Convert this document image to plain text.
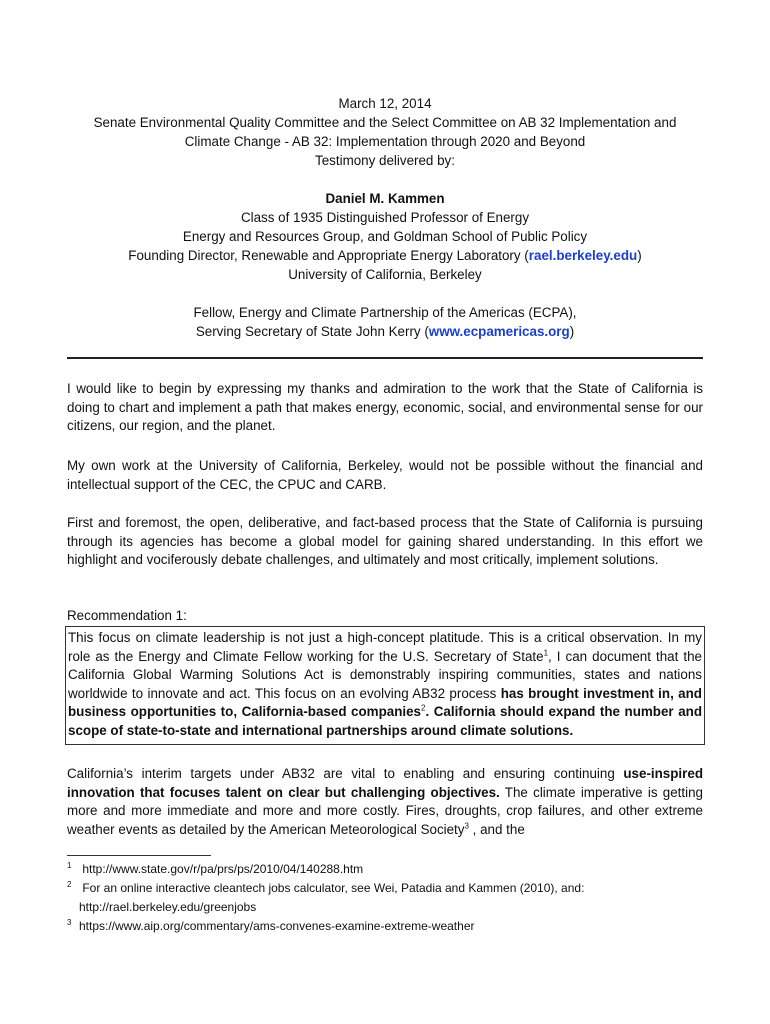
March 12, 2014
Senate Environmental Quality Committee and the Select Committee on AB 32 Implementation and
Climate Change - AB 32: Implementation through 2020 and Beyond
Testimony delivered by:
Daniel M. Kammen
Class of 1935 Distinguished Professor of Energy
Energy and Resources Group, and Goldman School of Public Policy
Founding Director, Renewable and Appropriate Energy Laboratory (rael.berkeley.edu)
University of California, Berkeley
Fellow, Energy and Climate Partnership of the Americas (ECPA),
Serving Secretary of State John Kerry (www.ecpamericas.org)
I would like to begin by expressing my thanks and admiration to the work that the State of California is doing to chart and implement a path that makes energy, economic, social, and environmental sense for our citizens, our region, and the planet.
My own work at the University of California, Berkeley, would not be possible without the financial and intellectual support of the CEC, the CPUC and CARB.
First and foremost, the open, deliberative, and fact-based process that the State of California is pursuing through its agencies has become a global model for gaining shared understanding. In this effort we highlight and vociferously debate challenges, and ultimately and most critically, implement solutions.
Recommendation 1:
This focus on climate leadership is not just a high-concept platitude. This is a critical observation. In my role as the Energy and Climate Fellow working for the U.S. Secretary of State$^1$, I can document that the California Global Warming Solutions Act is demonstrably inspiring communities, states and nations worldwide to innovate and act. This focus on an evolving AB32 process has brought investment in, and business opportunities to, California-based companies$^2$. California should expand the number and scope of state-to-state and international partnerships around climate solutions.
California’s interim targets under AB32 are vital to enabling and ensuring continuing use-inspired innovation that focuses talent on clear but challenging objectives. The climate imperative is getting more and more immediate and more and more costly. Fires, droughts, crop failures, and other extreme weather events as detailed by the American Meteorological Society$^3$ , and the
$^1$ http://www.state.gov/r/pa/prs/ps/2010/04/140288.htm
$^2$ For an online interactive cleantech jobs calculator, see Wei, Patadia and Kammen (2010), and:
http://rael.berkeley.edu/greenjobs
$^3$ https://www.aip.org/commentary/ams-convenes-examine-extreme-weather
